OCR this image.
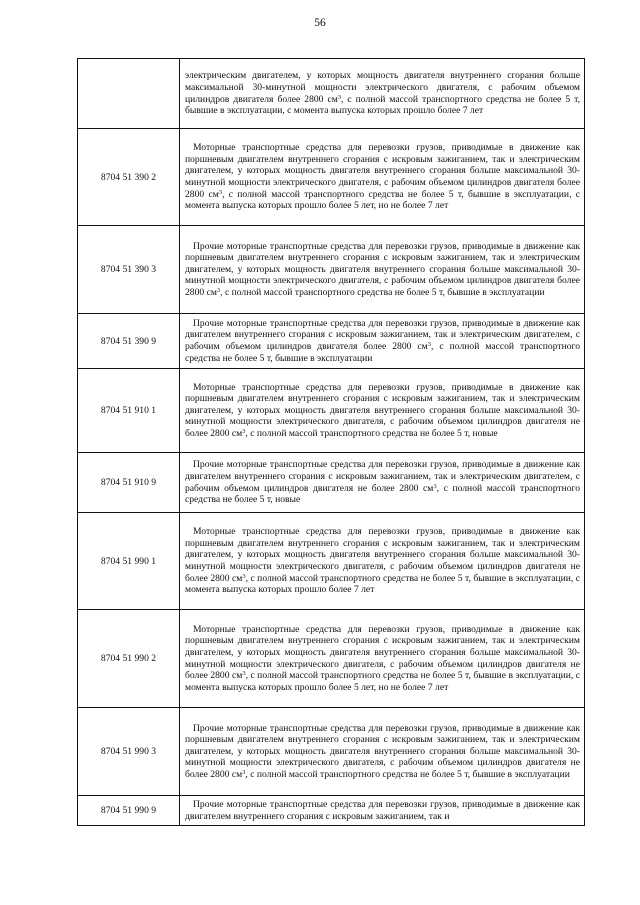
56
	электрическим двигателем, у которых мощность двигателя внутреннего сгорания больше максимальной 30-минутной мощности электрического двигателя, с рабочим объемом цилиндров двигателя более 2800 $см^3$, с полной массой транспортного средства не более 5 т, бывшие в эксплуатации, с момента выпуска которых прошло более 7 лет
8704 51 390 2	Моторные транспортные средства для перевозки грузов, приводимые в движение как поршневым двигателем внутреннего сгорания с искровым зажиганием, так и электрическим двигателем, у которых мощность двигателя внутреннего сгорания больше максимальной 30-минутной мощности электрического двигателя, с рабочим объемом цилиндров двигателя более 2800 $см^3$, с полной массой транспортного средства не более 5 т, бывшие в эксплуатации, с момента выпуска которых прошло более 5 лет, но не более 7 лет
8704 51 390 3	Прочие моторные транспортные средства для перевозки грузов, приводимые в движение как поршневым двигателем внутреннего сгорания с искровым зажиганием, так и электрическим двигателем, у которых мощность двигателя внутреннего сгорания больше максимальной 30-минутной мощности электрического двигателя, с рабочим объемом цилиндров двигателя более 2800 $см^3$, с полной массой транспортного средства не более 5 т, бывшие в эксплуатации
8704 51 390 9	Прочие моторные транспортные средства для перевозки грузов, приводимые в движение как двигателем внутреннего сгорания с искровым зажиганием, так и электрическим двигателем, с рабочим объемом цилиндров двигателя более 2800 $см^3$, с полной массой транспортного средства не более 5 т, бывшие в эксплуатации
8704 51 910 1	Моторные транспортные средства для перевозки грузов, приводимые в движение как поршневым двигателем внутреннего сгорания с искровым зажиганием, так и электрическим двигателем, у которых мощность двигателя внутреннего сгорания больше максимальной 30-минутной мощности электрического двигателя, с рабочим объемом цилиндров двигателя не более 2800 $см^3$, с полной массой транспортного средства не более 5 т, новые
8704 51 910 9	Прочие моторные транспортные средства для перевозки грузов, приводимые в движение как двигателем внутреннего сгорания с искровым зажиганием, так и электрическим двигателем, с рабочим объемом цилиндров двигателя не более 2800 $см^3$, с полной массой транспортного средства не более 5 т, новые
8704 51 990 1	Моторные транспортные средства для перевозки грузов, приводимые в движение как поршневым двигателем внутреннего сгорания с искровым зажиганием, так и электрическим двигателем, у которых мощность двигателя внутреннего сгорания больше максимальной 30-минутной мощности электрического двигателя, с рабочим объемом цилиндров двигателя не более 2800 $см^3$, с полной массой транспортного средства не более 5 т, бывшие в эксплуатации, с момента выпуска которых прошло более 7 лет
8704 51 990 2	Моторные транспортные средства для перевозки грузов, приводимые в движение как поршневым двигателем внутреннего сгорания с искровым зажиганием, так и электрическим двигателем, у которых мощность двигателя внутреннего сгорания больше максимальной 30-минутной мощности электрического двигателя, с рабочим объемом цилиндров двигателя не более 2800 $см^3$, с полной массой транспортного средства не более 5 т, бывшие в эксплуатации, с момента выпуска которых прошло более 5 лет, но не более 7 лет
8704 51 990 3	Прочие моторные транспортные средства для перевозки грузов, приводимые в движение как поршневым двигателем внутреннего сгорания с искровым зажиганием, так и электрическим двигателем, у которых мощность двигателя внутреннего сгорания больше максимальной 30-минутной мощности электрического двигателя, с рабочим объемом цилиндров двигателя не более 2800 $см^3$, с полной массой транспортного средства не более 5 т, бывшие в эксплуатации
8704 51 990 9	Прочие моторные транспортные средства для перевозки грузов, приводимые в движение как двигателем внутреннего сгорания с искровым зажиганием, так и
